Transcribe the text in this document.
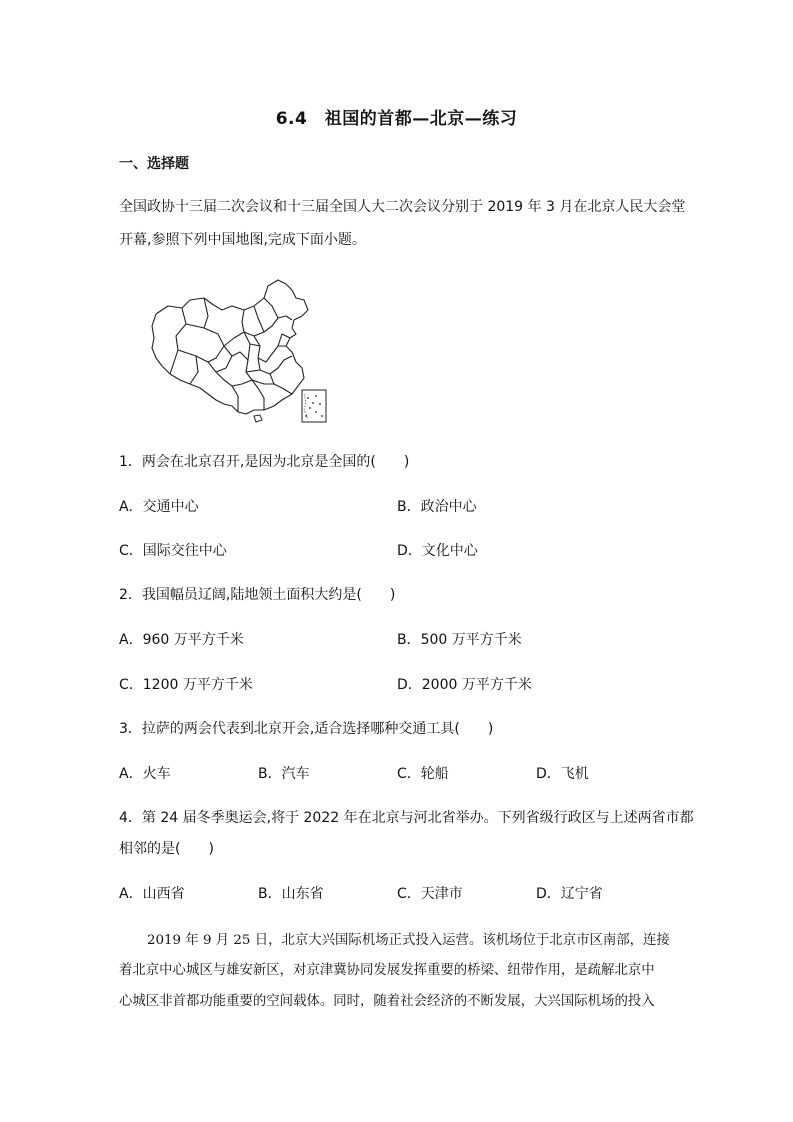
6.4　祖国的首都—北京—练习
一、选择题
全国政协十三届二次会议和十三届全国人大二次会议分别于 2019 年 3 月在北京人民大会堂
开幕,参照下列中国地图,完成下面小题。
1．两会在北京召开,是因为北京是全国的(　　)
A．交通中心	B．政治中心
C．国际交往中心	D．文化中心
2．我国幅员辽阔,陆地领土面积大约是(　　)
A．960 万平方千米	B．500 万平方千米
C．1200 万平方千米	D．2000 万平方千米
3．拉萨的两会代表到北京开会,适合选择哪种交通工具(　　)
A．火车	B．汽车	C．轮船	D．飞机
4．第 24 届冬季奥运会,将于 2022 年在北京与河北省举办。下列省级行政区与上述两省市都
相邻的是(　　)
A．山西省	B．山东省	C．天津市	D．辽宁省
2019 年 9 月 25 日，北京大兴国际机场正式投入运营。该机场位于北京市区南部，连接
着北京中心城区与雄安新区，对京津冀协同发展发挥重要的桥梁、纽带作用，是疏解北京中
心城区非首都功能重要的空间载体。同时，随着社会经济的不断发展，大兴国际机场的投入
